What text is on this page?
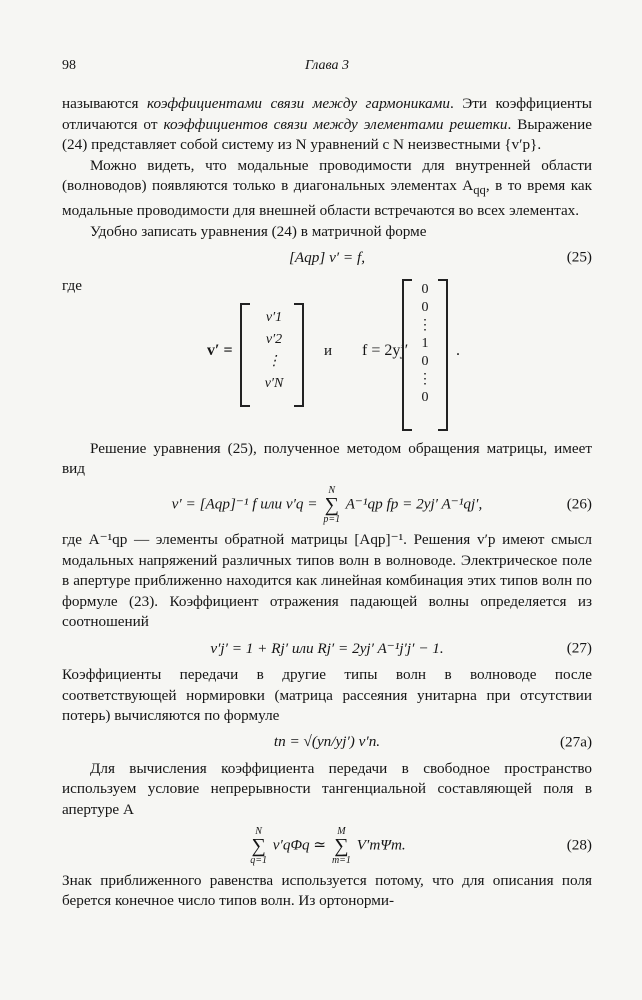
98	Глава 3

называются коэффициентами связи между гармониками. Эти коэффициенты отличаются от коэффициентов связи между элементами решетки. Выражение (24) представляет собой систему из N уравнений с N неизвестными {v′p}.

Можно видеть, что модальные проводимости для внутренней области (волноводов) появляются только в диагональных элементах $A_{qq}$, в то время как модальные проводимости для внешней области встречаются во всех элементах.

Удобно записать уравнения (24) в матричной форме

[Aqp] v′ = f,	(25)

где

v′ =
v′1
v′2
⋮
v′N
и f = 2yj′
0
0
⋮
1
0
⋮
0
.

Решение уравнения (25), полученное методом обращения матрицы, имеет вид

v′ = [Aqp]⁻¹ f или v′q =
N
∑
p=1
A⁻¹qp fp = 2yj′ A⁻¹qj′,	(26)

где A⁻¹qp — элементы обратной матрицы [Aqp]⁻¹. Решения v′p имеют смысл модальных напряжений различных типов волн в волноводе. Электрическое поле в апертуре приближенно находится как линейная комбинация этих типов волн по формуле (23). Коэффициент отражения падающей волны определяется из соотношений

v′j′ = 1 + Rj′ или Rj′ = 2yj′ A⁻¹j′j′ − 1.	(27)

Коэффициенты передачи в другие типы волн в волноводе после соответствующей нормировки (матрица рассеяния унитарна при отсутствии потерь) вычисляются по формуле

tn = √(yn/yj′) v′n.	(27a)

Для вычисления коэффициента передачи в свободное пространство используем условие непрерывности тангенциальной составляющей поля в апертуре A

N
∑
q=1
v′qΦq ≃
M
∑
m=1
V′mΨm.	(28)

Знак приближенного равенства используется потому, что для описания поля берется конечное число типов волн. Из ортонорми-
